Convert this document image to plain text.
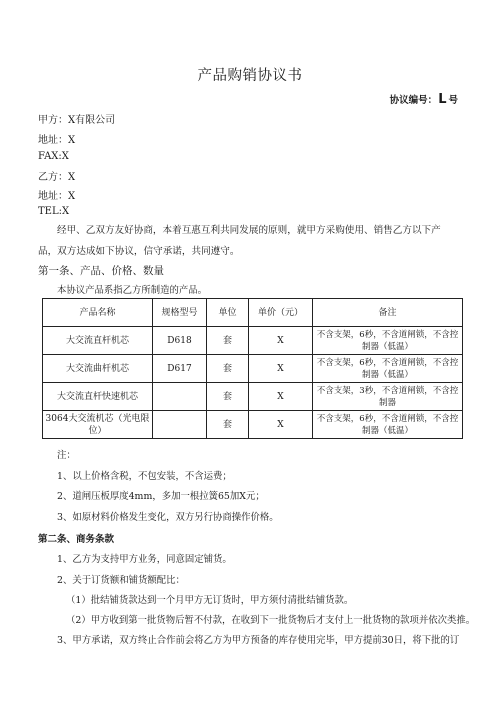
产品购销协议书
协议编号：L 号
甲方：X有限公司
地址：X
FAX:X
乙方：X
地址：X
TEL:X
经甲、乙双方友好协商，本着互惠互利共同发展的原则，就甲方采购使用、销售乙方以下产品，双方达成如下协议，信守承诺，共同遵守。
第一条、产品、价格、数量
本协议产品系指乙方所制造的产品。
产品名称	规格型号	单位	单价（元）	备注
大交流直杆机芯	D618	套	X	不含支架，6秒，不含道闸锁，不含控制器（低温）
大交流曲杆机芯	D617	套	X	不含支架，6秒，不含道闸锁，不含控制器（低温）
大交流直杆快速机芯		套	X	不含支架，3秒，不含道闸锁，不含控制器
3064大交流机芯（光电限位）		套	X	不含支架，6秒，不含道闸锁，不含控制器（低温）
注：
1、以上价格含税，不包安装，不含运费；
2、道闸压板厚度4mm，多加一根拉簧65加X元；
3、如原材料价格发生变化，双方另行协商操作价格。
第二条、商务条款
1、乙方为支持甲方业务，同意固定铺货。
2、关于订货额和铺货额配比：
（1）批结铺货款达到一个月甲方无订货时，甲方须付清批结铺货款。
（2）甲方收到第一批货物后暂不付款，在收到下一批货物后才支付上一批货物的款项并依次类推。
3、甲方承诺，双方终止合作前会将乙方为甲方预备的库存使用完毕，甲方提前30日，将下批的订
